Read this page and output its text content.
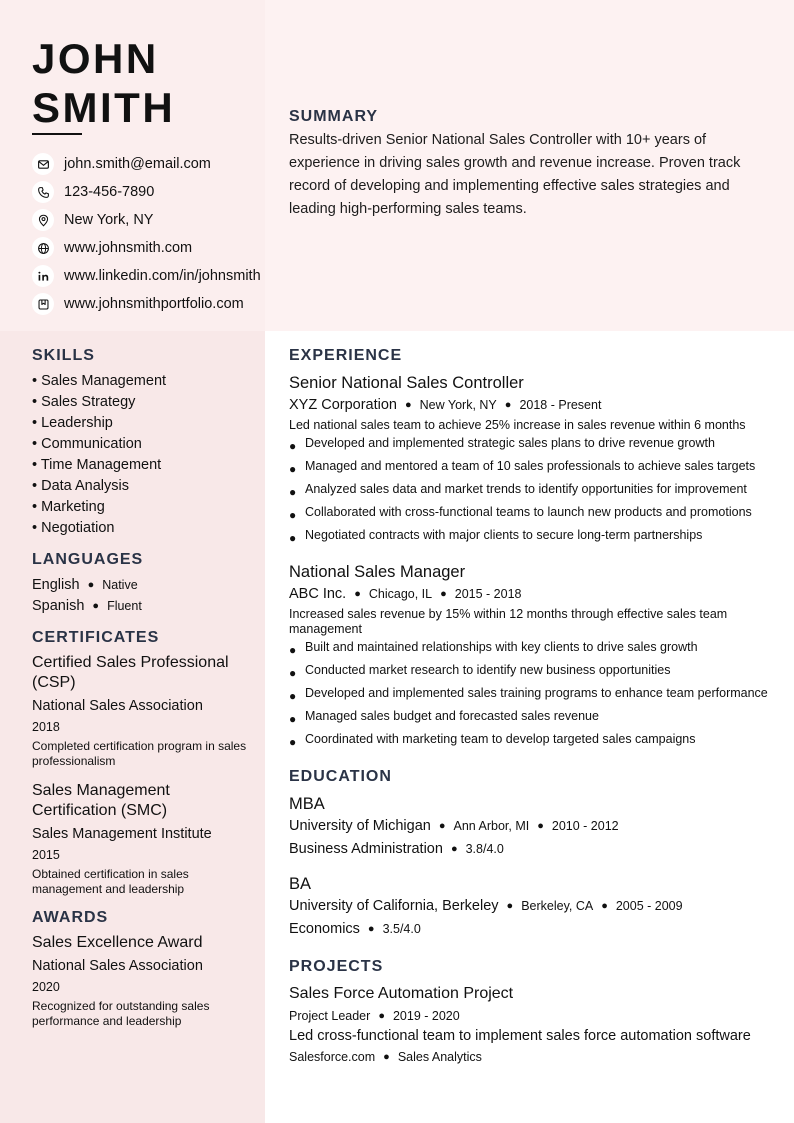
JOHN
SMITH
john.smith@email.com
123-456-7890
New York, NY
www.johnsmith.com
www.linkedin.com/in/johnsmith
www.johnsmithportfolio.com
SUMMARY
Results-driven Senior National Sales Controller with 10+ years of experience in driving sales growth and revenue increase. Proven track record of developing and implementing effective sales strategies and leading high-performing sales teams.
SKILLS
• Sales Management
• Sales Strategy
• Leadership
• Communication
• Time Management
• Data Analysis
• Marketing
• Negotiation
LANGUAGES
English ● Native
Spanish ● Fluent
CERTIFICATES
Certified Sales Professional (CSP)
National Sales Association
2018
Completed certification program in sales professionalism
Sales Management Certification (SMC)
Sales Management Institute
2015
Obtained certification in sales management and leadership
AWARDS
Sales Excellence Award
National Sales Association
2020
Recognized for outstanding sales performance and leadership
EXPERIENCE
Senior National Sales Controller
XYZ Corporation ● New York, NY ● 2018 - Present
Led national sales team to achieve 25% increase in sales revenue within 6 months
● Developed and implemented strategic sales plans to drive revenue growth
● Managed and mentored a team of 10 sales professionals to achieve sales targets
● Analyzed sales data and market trends to identify opportunities for improvement
● Collaborated with cross-functional teams to launch new products and promotions
● Negotiated contracts with major clients to secure long-term partnerships
National Sales Manager
ABC Inc. ● Chicago, IL ● 2015 - 2018
Increased sales revenue by 15% within 12 months through effective sales team management
● Built and maintained relationships with key clients to drive sales growth
● Conducted market research to identify new business opportunities
● Developed and implemented sales training programs to enhance team performance
● Managed sales budget and forecasted sales revenue
● Coordinated with marketing team to develop targeted sales campaigns
EDUCATION
MBA
University of Michigan ● Ann Arbor, MI ● 2010 - 2012
Business Administration ● 3.8/4.0
BA
University of California, Berkeley ● Berkeley, CA ● 2005 - 2009
Economics ● 3.5/4.0
PROJECTS
Sales Force Automation Project
Project Leader ● 2019 - 2020
Led cross-functional team to implement sales force automation software
Salesforce.com ● Sales Analytics
